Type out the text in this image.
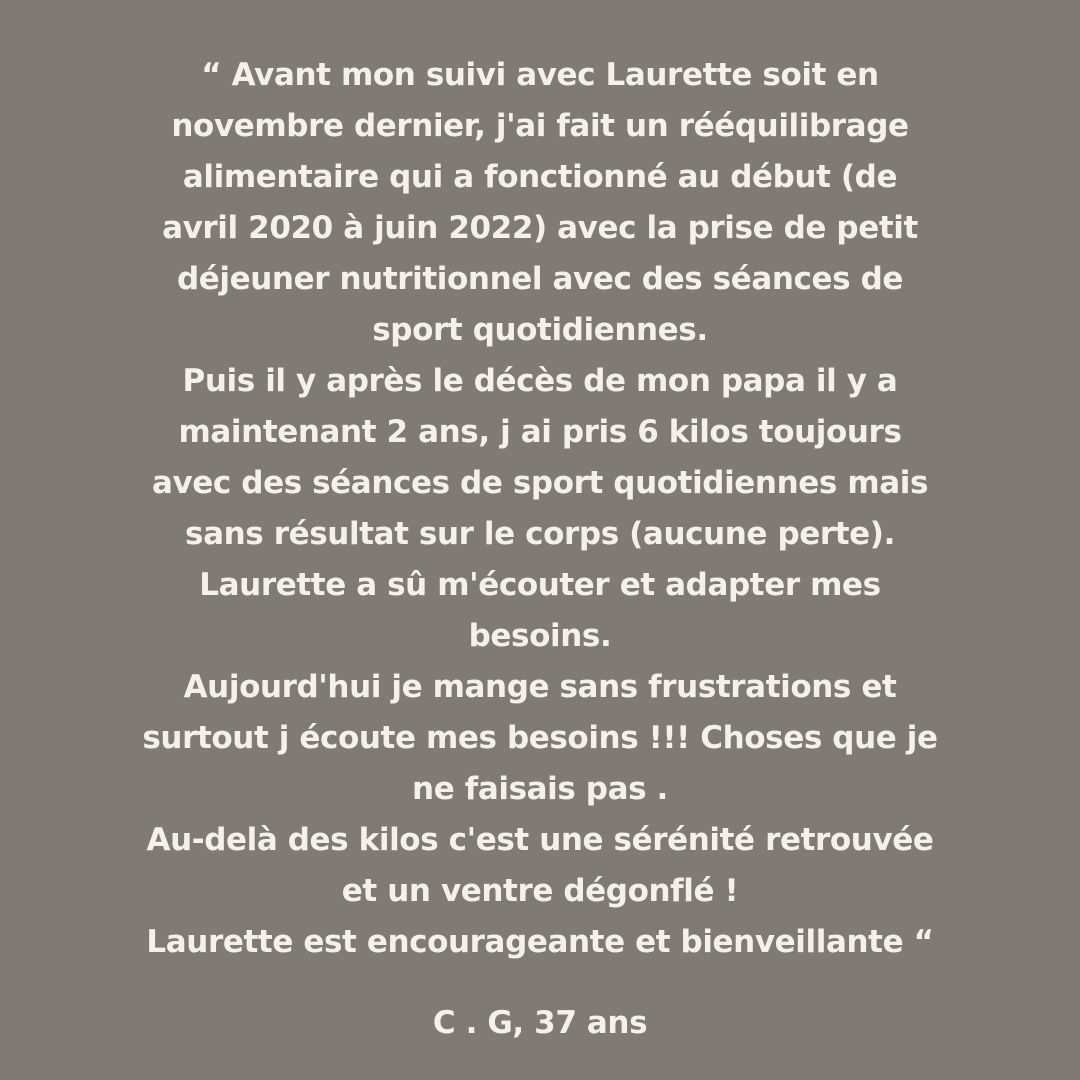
“ Avant mon suivi avec Laurette soit en
novembre dernier, j'ai fait un rééquilibrage
alimentaire qui a fonctionné au début (de
avril 2020 à juin 2022) avec la prise de petit
déjeuner nutritionnel avec des séances de
sport quotidiennes.
Puis il y après le décès de mon papa il y a
maintenant 2 ans, j ai pris 6 kilos toujours
avec des séances de sport quotidiennes mais
sans résultat sur le corps (aucune perte).
Laurette a sû m'écouter et adapter mes
besoins.
Aujourd'hui je mange sans frustrations et
surtout j écoute mes besoins !!! Choses que je
ne faisais pas .
Au-delà des kilos c'est une sérénité retrouvée
et un ventre dégonflé !
Laurette est encourageante et bienveillante “
C . G, 37 ans
